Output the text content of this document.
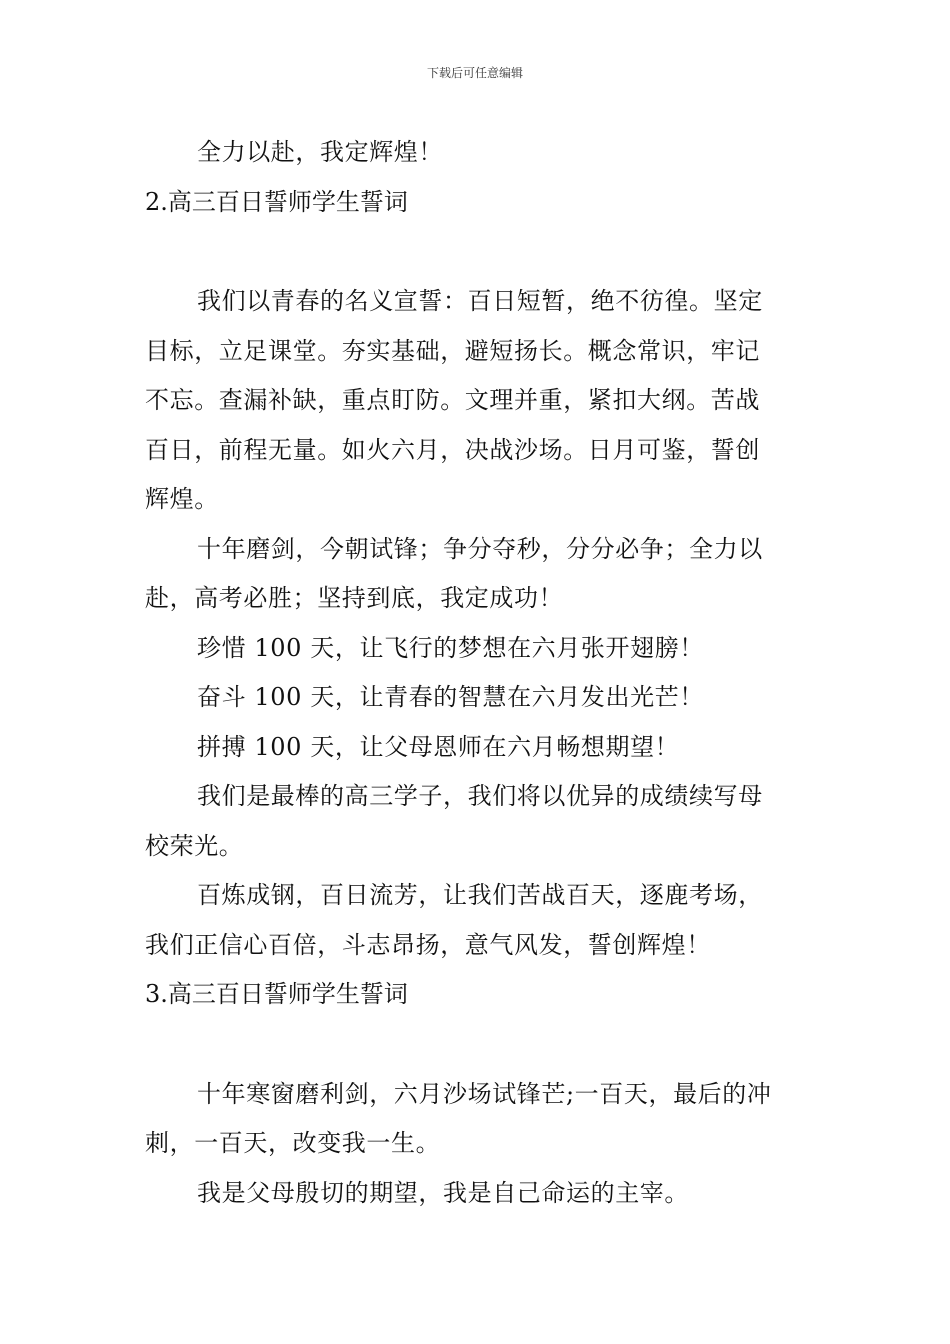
下载后可任意编辑
全力以赴，我定辉煌！
2.高三百日誓师学生誓词
我们以青春的名义宣誓：百日短暂，绝不彷徨。坚定
目标，立足课堂。夯实基础，避短扬长。概念常识，牢记
不忘。查漏补缺，重点盯防。文理并重，紧扣大纲。苦战
百日，前程无量。如火六月，决战沙场。日月可鉴，誓创
辉煌。
十年磨剑，今朝试锋；争分夺秒，分分必争；全力以
赴，高考必胜；坚持到底，我定成功！
珍惜 100 天，让飞行的梦想在六月张开翅膀！
奋斗 100 天，让青春的智慧在六月发出光芒！
拼搏 100 天，让父母恩师在六月畅想期望！
我们是最棒的高三学子，我们将以优异的成绩续写母
校荣光。
百炼成钢，百日流芳，让我们苦战百天，逐鹿考场，
我们正信心百倍，斗志昂扬，意气风发，誓创辉煌！
3.高三百日誓师学生誓词
十年寒窗磨利剑，六月沙场试锋芒;一百天，最后的冲
刺，一百天，改变我一生。
我是父母殷切的期望，我是自己命运的主宰。
